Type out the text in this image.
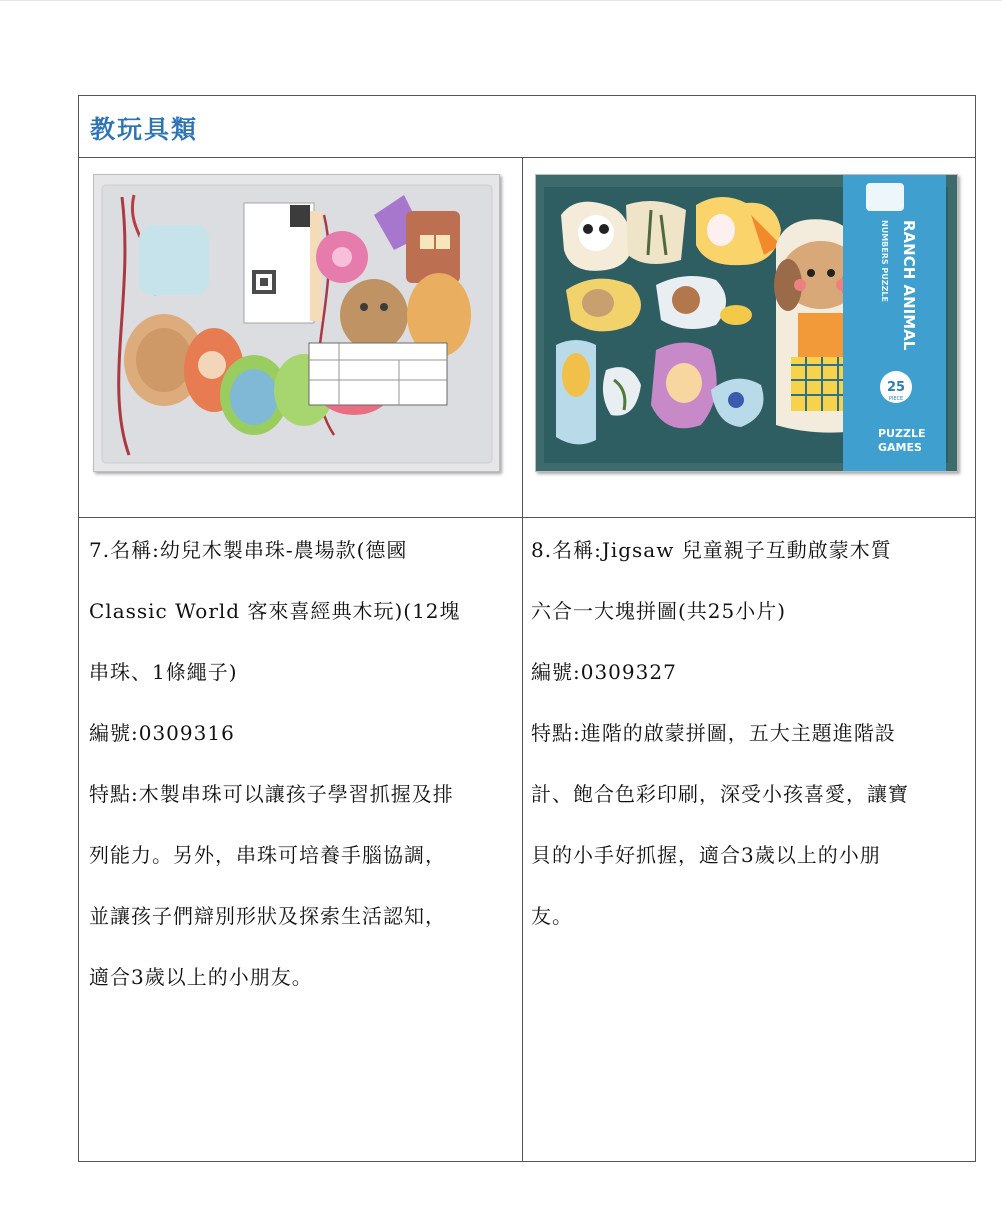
教玩具類
RANCH ANIMAL
NUMBERS PUZZLE
25
PIECE
PUZZLE
GAMES

7.名稱:幼兒木製串珠-農場款(德國

Classic World 客來喜經典木玩)(12塊

串珠、1條繩子)

編號:0309316

特點:木製串珠可以讓孩子學習抓握及排

列能力。另外，串珠可培養手腦協調，

並讓孩子們辯別形狀及探索生活認知，

適合3歲以上的小朋友。

8.名稱:Jigsaw 兒童親子互動啟蒙木質

六合一大塊拼圖(共25小片)

編號:0309327

特點:進階的啟蒙拼圖，五大主題進階設

計、飽合色彩印刷，深受小孩喜愛，讓寶

貝的小手好抓握，適合3歲以上的小朋

友。
